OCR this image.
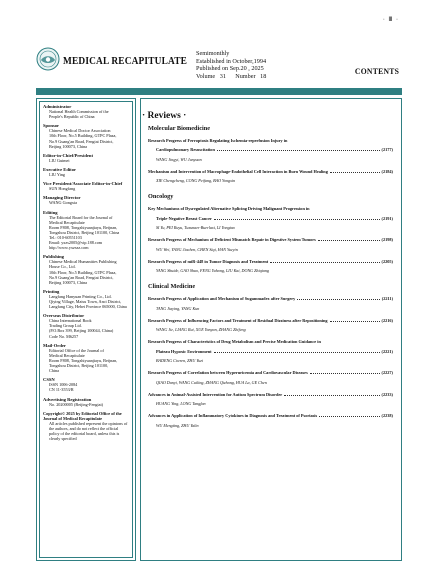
· Ⅲ ·
MEDICAL RECAPITULATE
Semimonthly
Established in October,1994
Published on Sep.20 , 2025
Volume   31      Number   18
CONTENTS
Administrator
National Health Commission of the
People's Republic of China
Sponsor
Chinese Medical Doctor Association
10th Floor, No.5 Building, GTPC Plaza,
No.9 Guang'an Road, Fengtai District,
Beijing 100073, China
Editor-in-Chief/President
LIU Guimei
Executive Editor
LIU Ying
Vice President/Associate Editor-in-Chief
SUN Hongfang
Managing Director
WANG Gongxia
Editing
The Editorial Board for the Journal of
Medical Recapitulate
Room F808, Tongzhiyuanjiayu, Beijnan,
Tongzhou District, Beijing 101100, China
Tel.: 010-60551103
Email: yxzs2005@vip.188.com
http://www.yxzszz.com
Publishing
Chinese Medical Humanities Publishing
House Co., Ltd.
10th Floor, No.5 Building, GTPC Plaza,
No.9 Guang'an Road, Fengtai District,
Beijing 100073, China
Printing
Langfang Hanyuan Printing Co., Ltd.
Qiying Village, Maisu Town, Anci District,
Langfang City, Hebei Province 065000, China
Overseas Distributor
China International Book
Trading Group Ltd.
(P.O.Box 399, Beijing 100044, China)
Code No. M6257
Mail-Order
Editorial Office of the Journal of
Medical Recapitulate
Room F808, Tongzhiyuanjiayu, Beijnan,
Tongzhou District, Beijing 101100,
China
CSSN
ISSN 1006-2084
CN 11-3553/R
Advertising Registration
No. 20200005 (Beijing-Fengtai)
Copyright© 2025 by Editorial Office of the Journal of Medical Recapitulate
All articles published represent the opinions of the authors, and do not reflect the official policy of the editorial board, unless this is clearly specified
· Reviews ·
Molecular Biomedicine
Research Progress of Ferroptosis Regulating Ischemia-reperfusion Injury in
Cardiopulmonary Resuscitation	(2177)
WANG Jingyi, WU Junyuan
Mechanism and Intervention of Macrophage-Endothelial Cell Interaction in Burn Wound Healing	(2184)
XIE Chengcheng, CONG Peifang, BAO Yongxin
Oncology
Key Mechanisms of Dysregulated Alternative Splicing Driving Malignant Progression in
Triple-Negative Breast Cancer	(2191)
SI Yu, PEI Ruyu, Tuxunaer·Buerlaxi, LI Yongtao
Research Progress of Mechanism of Deficient Mismatch Repair in Digestive System Tumors	(2198)
WU Wei, YANG Jiachen, CHEN Siqi, HAN Yueyin
Research Progress of miR-448 in Tumor Diagnosis and Treatment	(2205)
YANG Shuide, GAO Shuo, FENG Yuhong, LIU Kai, DONG Zhiqiang
Clinical Medicine
Research Progress of Application and Mechanism of Sugammadex after Surgery	(2211)
TANG Jiaying, YANG Kun
Research Progress of Influencing Factors and Treatment of Residual Dizziness after Repositioning	(2216)
WANG Jie, LIANG Rui, XUE Yanyan, ZHANG Zhifeng
Research Progress of Characteristics of Drug Metabolism and Precise Medication Guidance in
Plateau Hypoxic Environment	(2221)
BADENG Ciwren, ZHU Yuzi
Research Progress of Correlation between Hyperuricemia and Cardiovascular Diseases	(2227)
QIAO Danyi, WANG Cuiling, ZHANG Qizhong, HUA La, GE Chen
Advances in Animal-Assisted Intervention for Autism Spectrum Disorder	(2233)
HUANG Ying, LONG Tangfan
Advances in Application of Inflammatory Cytokines in Diagnosis and Treatment of Psoriasis	(2238)
WU Mengting, ZHU Yalin
